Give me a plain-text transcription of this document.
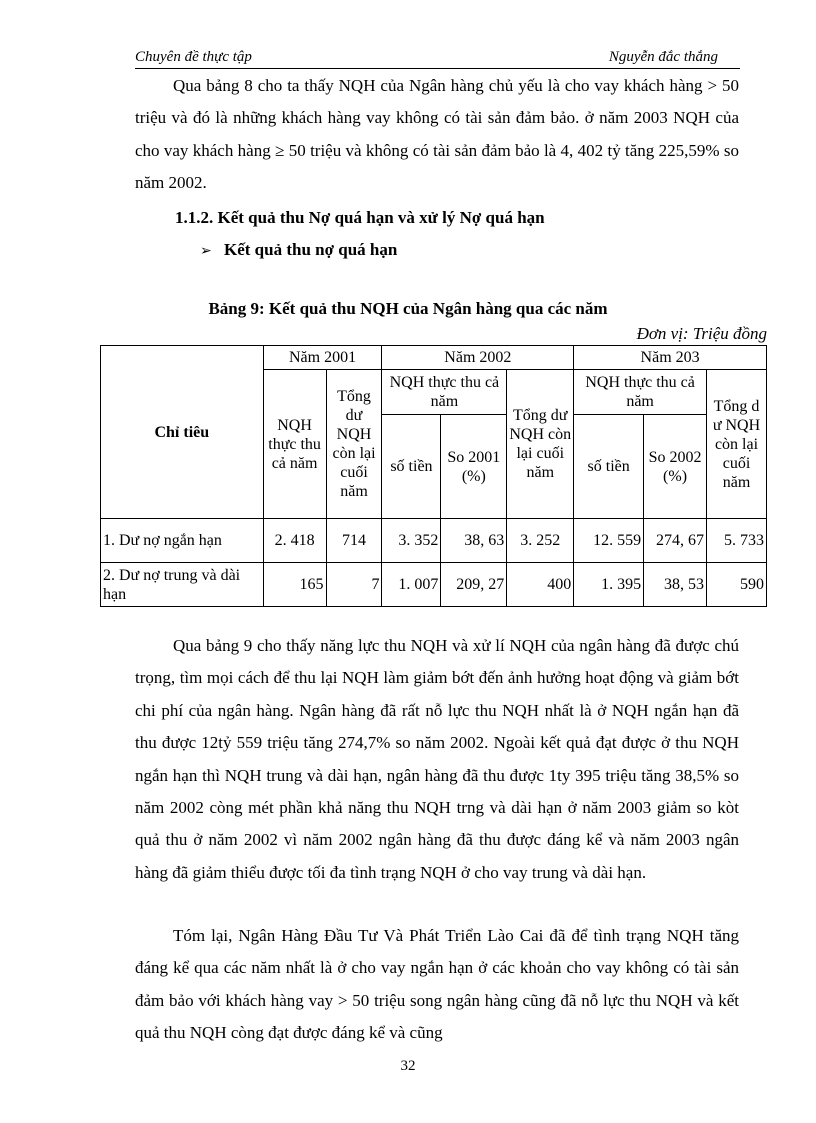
Chuyên đề thực tập	Nguyễn đắc thắng

Qua bảng 8 cho ta thấy NQH của Ngân hàng chủ yếu là cho vay khách hàng > 50 triệu và đó là những khách hàng vay không có tài sản đảm bảo. ở năm 2003 NQH của cho vay khách hàng ≥ 50 triệu và không có tài sản đảm bảo là 4, 402 tỷ tăng 225,59% so năm 2002.

1.1.2. Kết quả thu Nợ quá hạn và xử lý Nợ quá hạn
➢ Kết quả thu nợ quá hạn
Bảng 9: Kết quả thu NQH của Ngân hàng qua các năm
Đơn vị: Triệu đồng
Chỉ tiêu	Năm 2001		Năm 2002			Năm 203		
	NQH thực thu cả năm	Tổng dư NQH còn lại cuối năm	NQH thực thu cả năm		Tổng dư NQH còn lại cuối năm	NQH thực thu cả năm		Tổng d ư NQH còn lại cuối năm
			số tiền	So 2001 (%)		số tiền	So 2002 (%)	
1. Dư nợ ngắn hạn	2. 418	714	3. 352	38, 63	3. 252	12. 559	274, 67	5. 733
2. Dư nợ trung và dài hạn	165	7	1. 007	209, 27	400	1. 395	38, 53	590

Qua bảng 9 cho thấy năng lực thu NQH và xử lí NQH của ngân hàng đã được chú trọng, tìm mọi cách để thu lại NQH làm giảm bớt đến ảnh hưởng hoạt động và giảm bớt chi phí của ngân hàng. Ngân hàng đã rất nỗ lực thu NQH nhất là ở NQH ngắn hạn đã thu được 12tỷ 559 triệu tăng 274,7% so năm 2002. Ngoài kết quả đạt được ở thu NQH ngắn hạn thì NQH trung và dài hạn, ngân hàng đã thu được 1ty 395 triệu tăng 38,5% so năm 2002 còng mét phần khả năng thu NQH trng và dài hạn ở năm 2003 giảm so kòt quả thu ở năm 2002 vì năm 2002 ngân hàng đã thu được đáng kể và năm 2003 ngân hàng đã giảm thiểu được tối đa tình trạng NQH ở cho vay trung và dài hạn.

Tóm lại, Ngân Hàng Đầu Tư Và Phát Triển Lào Cai đã để tình trạng NQH tăng đáng kể qua các năm nhất là ở cho vay ngắn hạn ở các khoản cho vay không có tài sản đảm bảo với khách hàng vay > 50 triệu song ngân hàng cũng đã nỗ lực thu NQH và kết quả thu NQH còng đạt được đáng kể và cũng

32
